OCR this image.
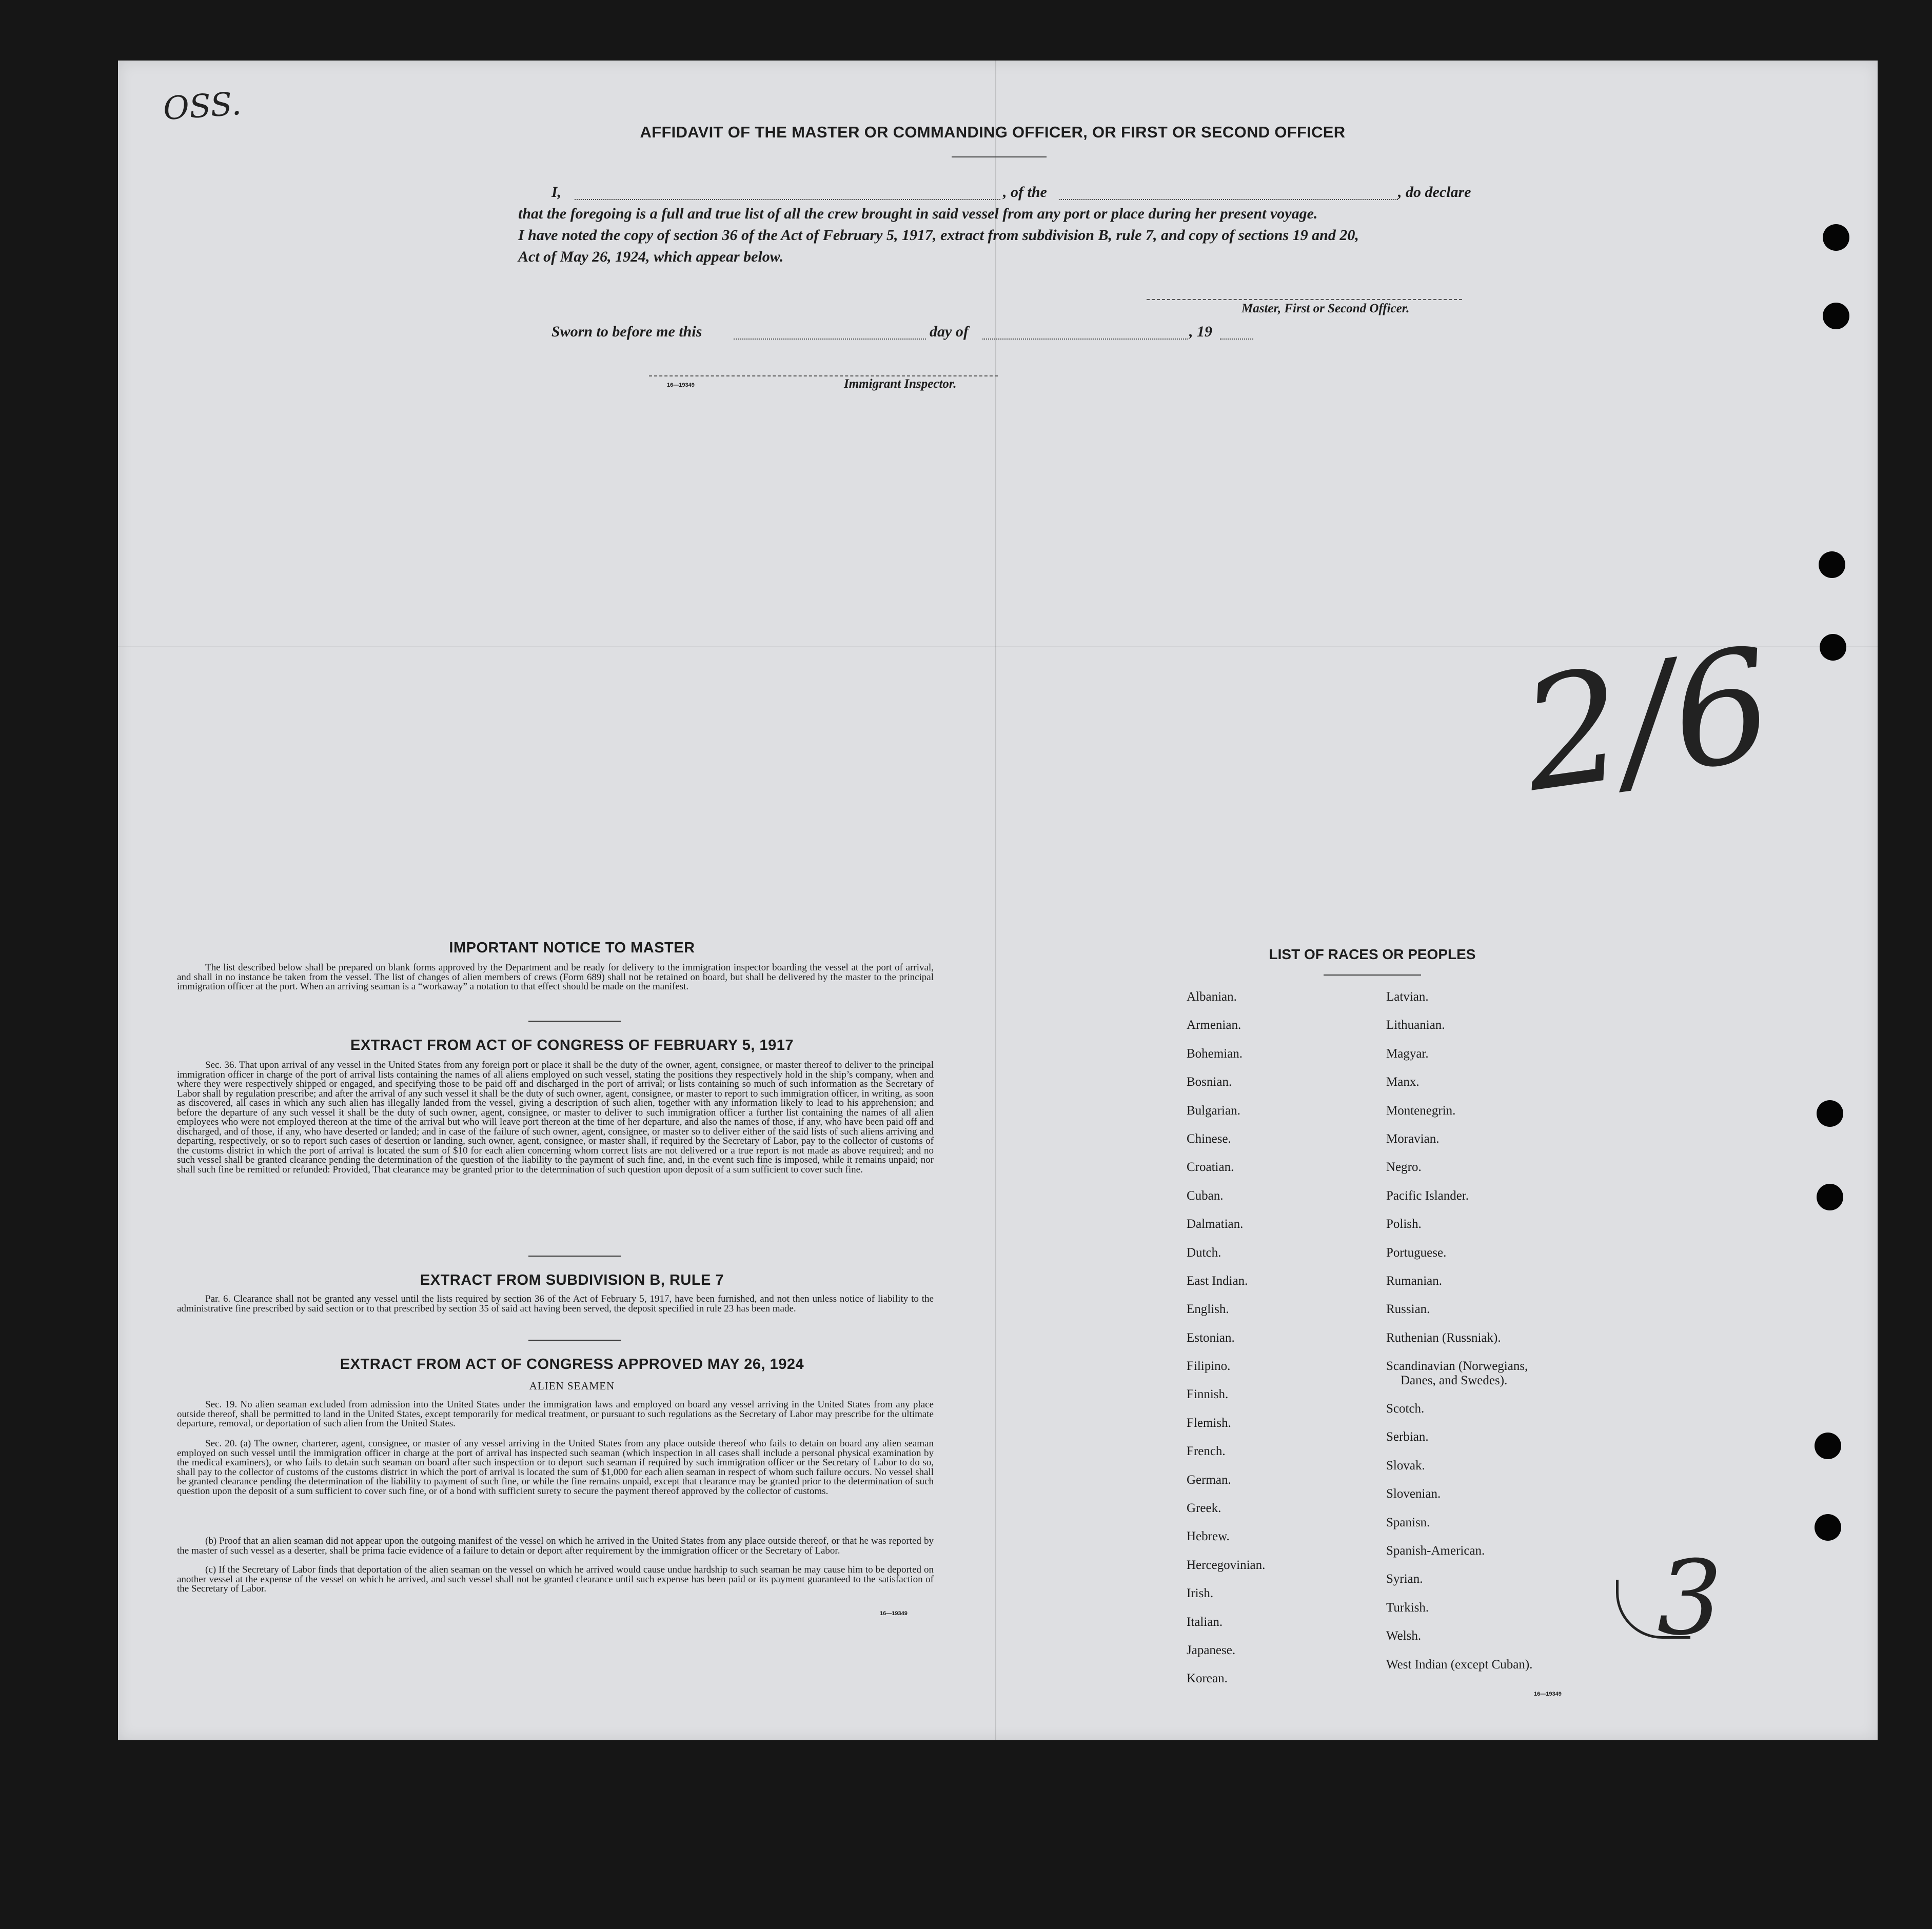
OSS.
2/6
3
AFFIDAVIT OF THE MASTER OR COMMANDING OFFICER, OR FIRST OR SECOND OFFICER
I,	, of the	, do declare
that the foregoing is a full and true list of all the crew brought in said vessel from any port or place during her present voyage.
I have noted the copy of section 36 of the Act of February 5, 1917, extract from subdivision B, rule 7, and copy of sections 19 and 20,
Act of May 26, 1924, which appear below.
Master, First or Second Officer.
Sworn to before me this	day of	, 19
16—19349	Immigrant Inspector.
IMPORTANT NOTICE TO MASTER

The list described below shall be prepared on blank forms approved by the Department and be ready for delivery to the immigration inspector boarding the vessel at the port of arrival, and shall in no instance be taken from the vessel. The list of changes of alien members of crews (Form 689) shall not be retained on board, but shall be delivered by the master to the principal immigration officer at the port. When an arriving seaman is a “workaway” a notation to that effect should be made on the manifest.

EXTRACT FROM ACT OF CONGRESS OF FEBRUARY 5, 1917

Sec. 36. That upon arrival of any vessel in the United States from any foreign port or place it shall be the duty of the owner, agent, consignee, or master thereof to deliver to the principal immigration officer in charge of the port of arrival lists containing the names of all aliens employed on such vessel, stating the positions they respectively hold in the ship’s company, when and where they were respectively shipped or engaged, and specifying those to be paid off and discharged in the port of arrival; or lists containing so much of such information as the Secretary of Labor shall by regulation prescribe; and after the arrival of any such vessel it shall be the duty of such owner, agent, consignee, or master to report to such immigration officer, in writing, as soon as discovered, all cases in which any such alien has illegally landed from the vessel, giving a description of such alien, together with any information likely to lead to his apprehension; and before the departure of any such vessel it shall be the duty of such owner, agent, consignee, or master to deliver to such immigration officer a further list containing the names of all alien employees who were not employed thereon at the time of the arrival but who will leave port thereon at the time of her departure, and also the names of those, if any, who have been paid off and discharged, and of those, if any, who have deserted or landed; and in case of the failure of such owner, agent, consignee, or master so to deliver either of the said lists of such aliens arriving and departing, respectively, or so to report such cases of desertion or landing, such owner, agent, consignee, or master shall, if required by the Secretary of Labor, pay to the collector of customs of the customs district in which the port of arrival is located the sum of $10 for each alien concerning whom correct lists are not delivered or a true report is not made as above required; and no such vessel shall be granted clearance pending the determination of the question of the liability to the payment of such fine, and, in the event such fine is imposed, while it remains unpaid; nor shall such fine be remitted or refunded: Provided, That clearance may be granted prior to the determination of such question upon deposit of a sum sufficient to cover such fine.

EXTRACT FROM SUBDIVISION B, RULE 7

Par. 6. Clearance shall not be granted any vessel until the lists required by section 36 of the Act of February 5, 1917, have been furnished, and not then unless notice of liability to the administrative fine prescribed by said section or to that prescribed by section 35 of said act having been served, the deposit specified in rule 23 has been made.

EXTRACT FROM ACT OF CONGRESS APPROVED MAY 26, 1924
ALIEN SEAMEN

Sec. 19. No alien seaman excluded from admission into the United States under the immigration laws and employed on board any vessel arriving in the United States from any place outside thereof, shall be permitted to land in the United States, except temporarily for medical treatment, or pursuant to such regulations as the Secretary of Labor may prescribe for the ultimate departure, removal, or deportation of such alien from the United States.

Sec. 20. (a) The owner, charterer, agent, consignee, or master of any vessel arriving in the United States from any place outside thereof who fails to detain on board any alien seaman employed on such vessel until the immigration officer in charge at the port of arrival has inspected such seaman (which inspection in all cases shall include a personal physical examination by the medical examiners), or who fails to detain such seaman on board after such inspection or to deport such seaman if required by such immigration officer or the Secretary of Labor to do so, shall pay to the collector of customs of the customs district in which the port of arrival is located the sum of $1,000 for each alien seaman in respect of whom such failure occurs. No vessel shall be granted clearance pending the determination of the liability to payment of such fine, or while the fine remains unpaid, except that clearance may be granted prior to the determination of such question upon the deposit of a sum sufficient to cover such fine, or of a bond with sufficient surety to secure the payment thereof approved by the collector of customs.

(b) Proof that an alien seaman did not appear upon the outgoing manifest of the vessel on which he arrived in the United States from any place outside thereof, or that he was reported by the master of such vessel as a deserter, shall be prima facie evidence of a failure to detain or deport after requirement by the immigration officer or the Secretary of Labor.

(c) If the Secretary of Labor finds that deportation of the alien seaman on the vessel on which he arrived would cause undue hardship to such seaman he may cause him to be deported on another vessel at the expense of the vessel on which he arrived, and such vessel shall not be granted clearance until such expense has been paid or its payment guaranteed to the satisfaction of the Secretary of Labor.

16—19349
LIST OF RACES OR PEOPLES
Albanian.
Armenian.
Bohemian.
Bosnian.
Bulgarian.
Chinese.
Croatian.
Cuban.
Dalmatian.
Dutch.
East Indian.
English.
Estonian.
Filipino.
Finnish.
Flemish.
French.
German.
Greek.
Hebrew.
Hercegovinian.
Irish.
Italian.
Japanese.
Korean.
Latvian.
Lithuanian.
Magyar.
Manx.
Montenegrin.
Moravian.
Negro.
Pacific Islander.
Polish.
Portuguese.
Rumanian.
Russian.
Ruthenian (Russniak).
Scandinavian (Norwegians,
Danes, and Swedes).
Scotch.
Serbian.
Slovak.
Slovenian.
Spanisn.
Spanish-American.
Syrian.
Turkish.
Welsh.
West Indian (except Cuban).
16—19349
